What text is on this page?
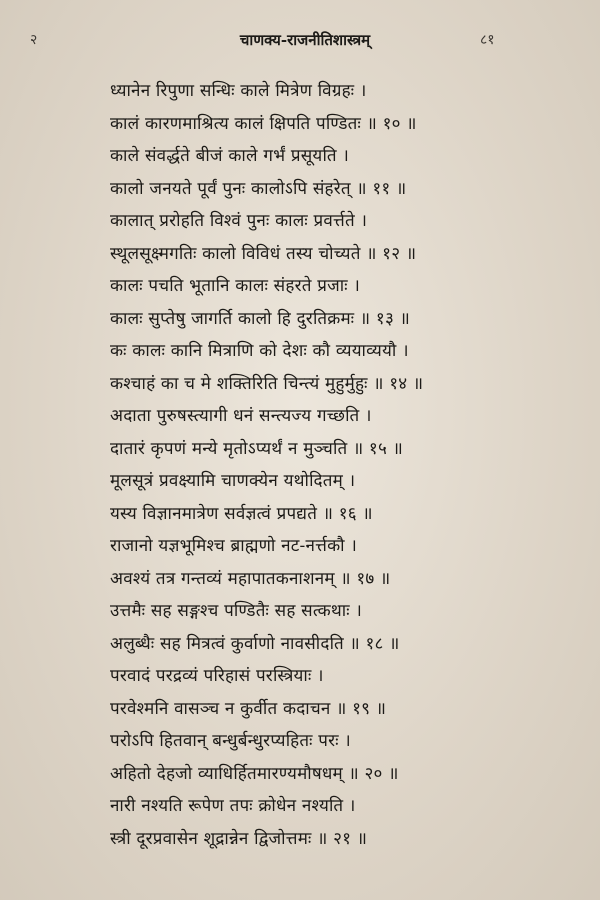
२	चाणक्य-राजनीतिशास्त्रम्	८१
ध्यानेन रिपुणा सन्धिः काले मित्रेण विग्रहः ।
कालं कारणमाश्रित्य कालं क्षिपति पण्डितः ॥ १० ॥
काले संवर्द्धते बीजं काले गर्भं प्रसूयति ।
कालो जनयते पूर्वं पुनः कालोऽपि संहरेत् ॥ ११ ॥
कालात् प्ररोहति विश्वं पुनः कालः प्रवर्त्तते ।
स्थूलसूक्ष्मगतिः कालो विविधं तस्य चोच्यते ॥ १२ ॥
कालः पचति भूतानि कालः संहरते प्रजाः ।
कालः सुप्तेषु जागर्ति कालो हि दुरतिक्रमः ॥ १३ ॥
कः कालः कानि मित्राणि को देशः कौ व्ययाव्ययौ ।
कश्चाहं का च मे शक्तिरिति चिन्त्यं मुहुर्मुहुः ॥ १४ ॥
अदाता पुरुषस्त्यागी धनं सन्त्यज्य गच्छति ।
दातारं कृपणं मन्ये मृतोऽप्यर्थं न मुञ्चति ॥ १५ ॥
मूलसूत्रं प्रवक्ष्यामि चाणक्येन यथोदितम् ।
यस्य विज्ञानमात्रेण सर्वज्ञत्वं प्रपद्यते ॥ १६ ॥
राजानो यज्ञभूमिश्च ब्राह्मणो नट-नर्त्तकौ ।
अवश्यं तत्र गन्तव्यं महापातकनाशनम् ॥ १७ ॥
उत्तमैः सह सङ्गश्च पण्डितैः सह सत्कथाः ।
अलुब्धैः सह मित्रत्वं कुर्वाणो नावसीदति ॥ १८ ॥
परवादं परद्रव्यं परिहासं परस्त्रियाः ।
परवेश्मनि वासञ्च न कुर्वीत कदाचन ॥ १९ ॥
परोऽपि हितवान् बन्धुर्बन्धुरप्यहितः परः ।
अहितो देहजो व्याधिर्हितमारण्यमौषधम् ॥ २० ॥
नारी नश्यति रूपेण तपः क्रोधेन नश्यति ।
स्त्री दूरप्रवासेन शूद्रान्नेन द्विजोत्तमः ॥ २१ ॥
